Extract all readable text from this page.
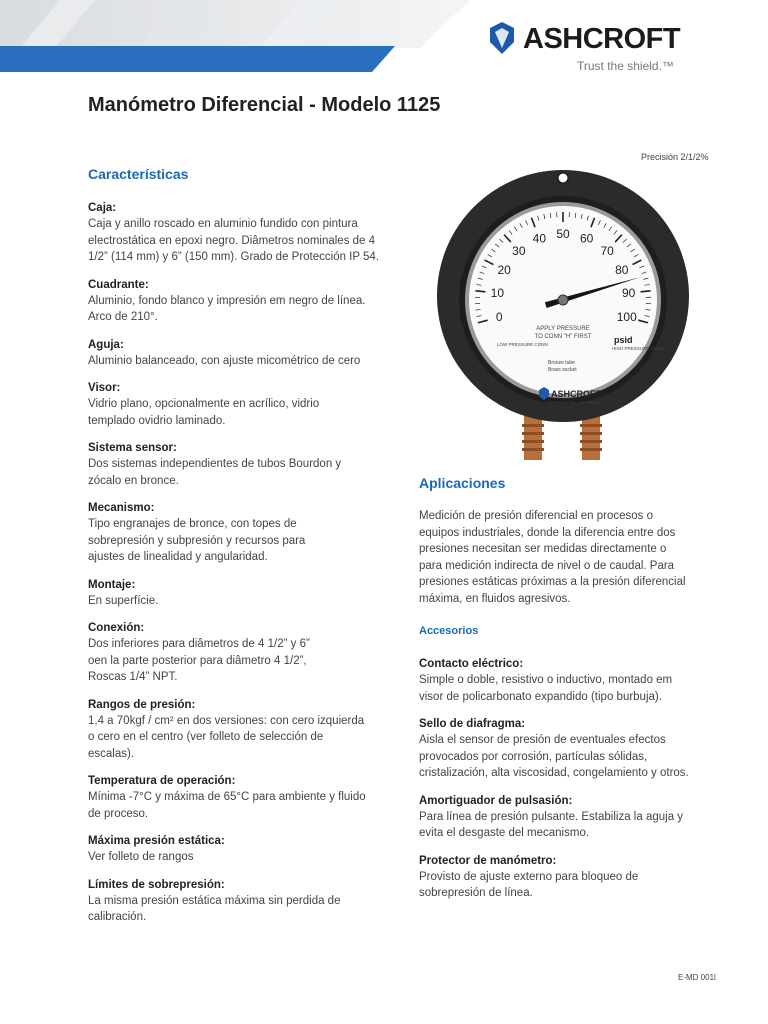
ASHCROFT
Trust the shield.™
Manómetro Diferencial - Modelo 1125
Características
Precisión 2/1/2%
Caja:
Caja y anillo roscado en aluminio fundido con pintura
electrostática en epoxi negro. Diâmetros nominales de 4
1/2” (114 mm) y 6” (150 mm). Grado de Protección IP 54.
Cuadrante:
Aluminio, fondo blanco y impresión em negro de línea.
Arco de 210°.
Aguja:
Aluminio balanceado, con ajuste micométrico de cero
Visor:
Vidrio plano, opcionalmente en acrílico, vidrio
templado ovidrio laminado.
Sistema sensor:
Dos sistemas independientes de tubos Bourdon y
zócalo en bronce.
Mecanismo:
Tipo engranajes de bronce, con topes de
sobrepresión y subpresión y recursos para
ajustes de linealidad y angularidad.
Montaje:
En superfície.
Conexión:
Dos inferiores para diâmetros de 4 1/2” y 6”
oen la parte posterior para diâmetro 4 1/2”,
Roscas 1/4” NPT.
Rangos de presión:
1,4 a 70kgf / cm² en dos versiones: con cero izquierda
o cero en el centro (ver folleto de selección de
escalas).
Temperatura de operación:
Mínima -7°C y máxima de 65°C para ambiente y fluido
de proceso.
Máxima presión estática:
Ver folleto de rangos
Límites de sobrepresión:
La misma presión estática máxima sin perdida de
calibración.
0
10
20
30
40 50 60
70
80
90
100
psid
APPLY PRESSURE
TO CONN "H" FIRST
LOW PRESSURE CONN
HIGH PRESSURE CONN
Bronze tube
Brass socket
ASHCROFT
DIFFERENTIAL PRESSURE
Aplicaciones

Medición de presión diferencial en procesos o
equipos industriales, donde la diferencia entre dos
presiones necesitan ser medidas directamente o
para medición indirecta de nivel o de caudal. Para
presiones estáticas próximas a la presión diferencial
máxima, en fluidos agresivos.

Accesorios
Contacto eléctrico:
Simple o doble, resistivo o inductivo, montado em
visor de policarbonato expandido (tipo burbuja).
Sello de diafragma:
Aisla el sensor de presión de eventuales efectos
provocados por corrosión, partículas sólidas,
cristalización, alta viscosidad, congelamiento y otros.
Amortiguador de pulsasión:
Para línea de presión pulsante. Estabiliza la aguja y
evita el desgaste del mecanismo.
Protector de manómetro:
Provisto de ajuste externo para bloqueo de
sobrepresión de línea.
E-MD 001l
